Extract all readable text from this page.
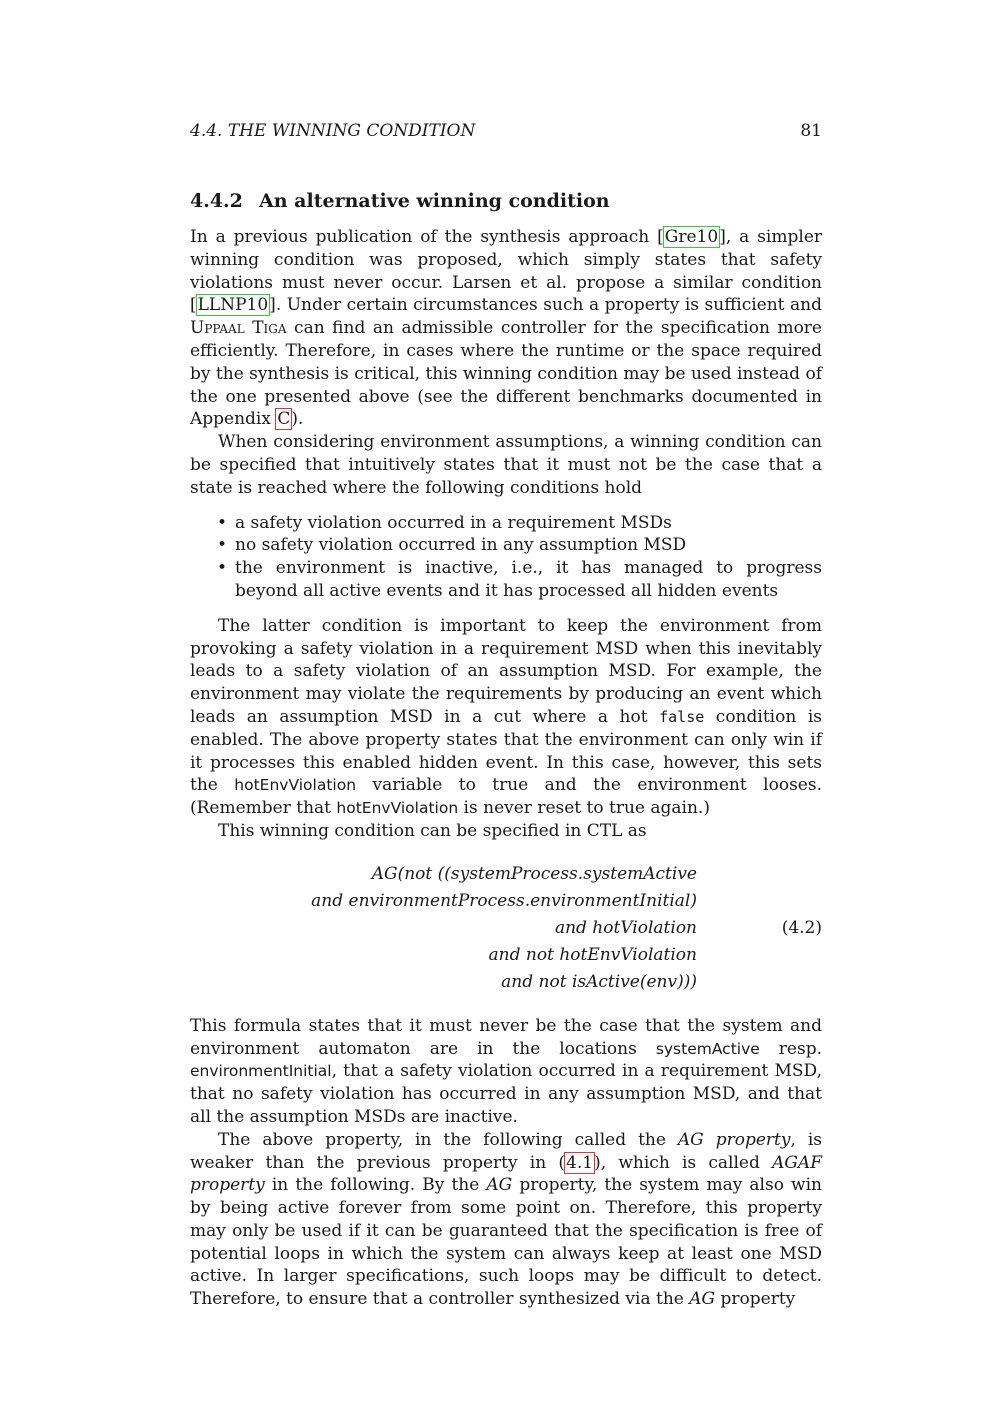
4.4. THE WINNING CONDITION	81
4.4.2 An alternative winning condition

In a previous publication of the synthesis approach [Gre10], a simpler winning condition was proposed, which simply states that safety violations must never occur. Larsen et al. propose a similar condition [LLNP10]. Under certain circumstances such a property is sufficient and Uppaal Tiga can find an admissible controller for the specification more efficiently. Therefore, in cases where the runtime or the space required by the synthesis is critical, this winning condition may be used instead of the one presented above (see the different benchmarks documented in Appendix C).

When considering environment assumptions, a winning condition can be specified that intuitively states that it must not be the case that a state is reached where the following conditions hold

• a safety violation occurred in a requirement MSDs
• no safety violation occurred in any assumption MSD
• the environment is inactive, i.e., it has managed to progress beyond all active events and it has processed all hidden events

The latter condition is important to keep the environment from provoking a safety violation in a requirement MSD when this inevitably leads to a safety violation of an assumption MSD. For example, the environment may violate the requirements by producing an event which leads an assumption MSD in a cut where a hot false condition is enabled. The above property states that the environment can only win if it processes this enabled hidden event. In this case, however, this sets the hotEnvViolation variable to true and the environment looses. (Remember that hotEnvViolation is never reset to true again.)

This winning condition can be specified in CTL as

AG(not ((systemProcess.systemActive
and environmentProcess.environmentInitial)
and hotViolation
and not hotEnvViolation
and not isActive(env)))
(4.2)

This formula states that it must never be the case that the system and environment automaton are in the locations systemActive resp. environmentInitial, that a safety violation occurred in a requirement MSD, that no safety violation has occurred in any assumption MSD, and that all the assumption MSDs are inactive.

The above property, in the following called the AG property, is weaker than the previous property in (4.1), which is called AGAF property in the following. By the AG property, the system may also win by being active forever from some point on. Therefore, this property may only be used if it can be guaranteed that the specification is free of potential loops in which the system can always keep at least one MSD active. In larger specifications, such loops may be difficult to detect. Therefore, to ensure that a controller synthesized via the AG property
